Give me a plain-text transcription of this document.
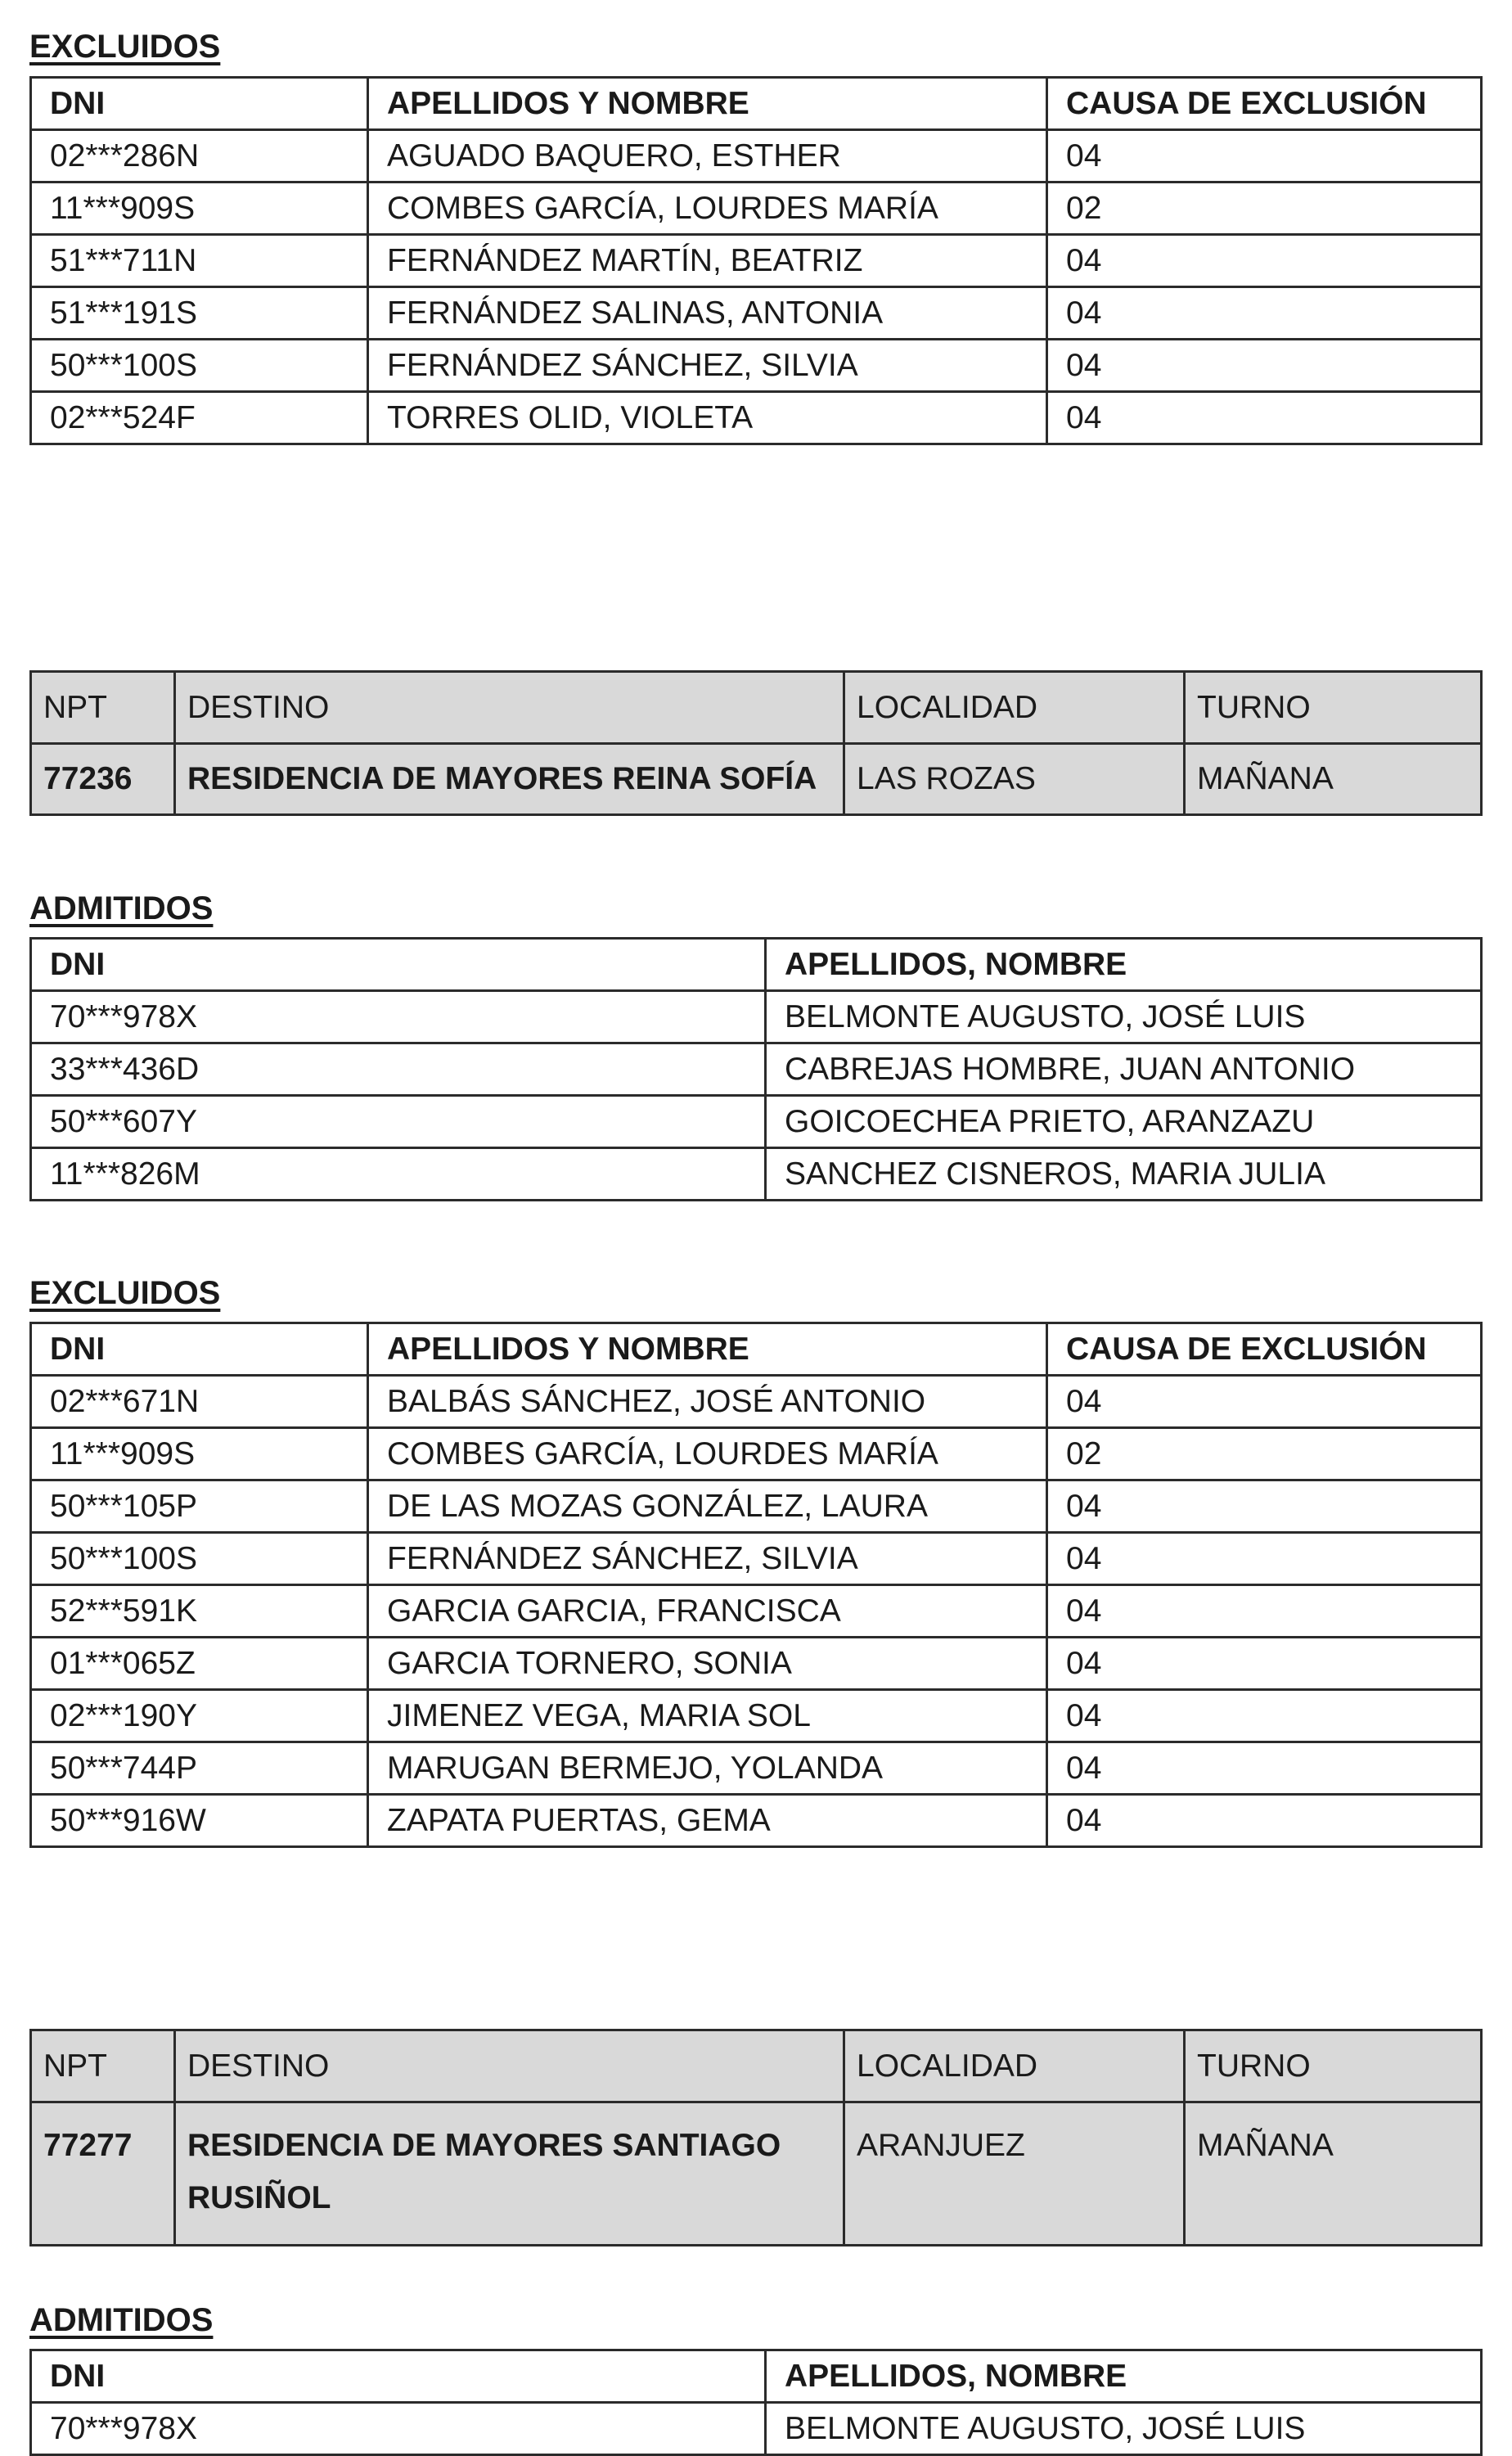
EXCLUIDOS
DNI	APELLIDOS Y NOMBRE	CAUSA DE EXCLUSIÓN
02***286N	AGUADO BAQUERO, ESTHER	04
11***909S	COMBES GARCÍA, LOURDES MARÍA	02
51***711N	FERNÁNDEZ MARTÍN, BEATRIZ	04
51***191S	FERNÁNDEZ SALINAS, ANTONIA	04
50***100S	FERNÁNDEZ SÁNCHEZ, SILVIA	04
02***524F	TORRES OLID, VIOLETA	04
NPT	DESTINO	LOCALIDAD	TURNO
77236	RESIDENCIA DE MAYORES REINA SOFÍA	LAS ROZAS	MAÑANA
ADMITIDOS
DNI	APELLIDOS, NOMBRE
70***978X	BELMONTE AUGUSTO, JOSÉ LUIS
33***436D	CABREJAS HOMBRE, JUAN ANTONIO
50***607Y	GOICOECHEA PRIETO, ARANZAZU
11***826M	SANCHEZ CISNEROS, MARIA JULIA
EXCLUIDOS
DNI	APELLIDOS Y NOMBRE	CAUSA DE EXCLUSIÓN
02***671N	BALBÁS SÁNCHEZ, JOSÉ ANTONIO	04
11***909S	COMBES GARCÍA, LOURDES MARÍA	02
50***105P	DE LAS MOZAS GONZÁLEZ, LAURA	04
50***100S	FERNÁNDEZ SÁNCHEZ, SILVIA	04
52***591K	GARCIA GARCIA, FRANCISCA	04
01***065Z	GARCIA TORNERO, SONIA	04
02***190Y	JIMENEZ VEGA, MARIA SOL	04
50***744P	MARUGAN BERMEJO, YOLANDA	04
50***916W	ZAPATA PUERTAS, GEMA	04
NPT	DESTINO	LOCALIDAD	TURNO
77277	RESIDENCIA DE MAYORES SANTIAGO RUSIÑOL	ARANJUEZ	MAÑANA
ADMITIDOS
DNI	APELLIDOS, NOMBRE
70***978X	BELMONTE AUGUSTO, JOSÉ LUIS
